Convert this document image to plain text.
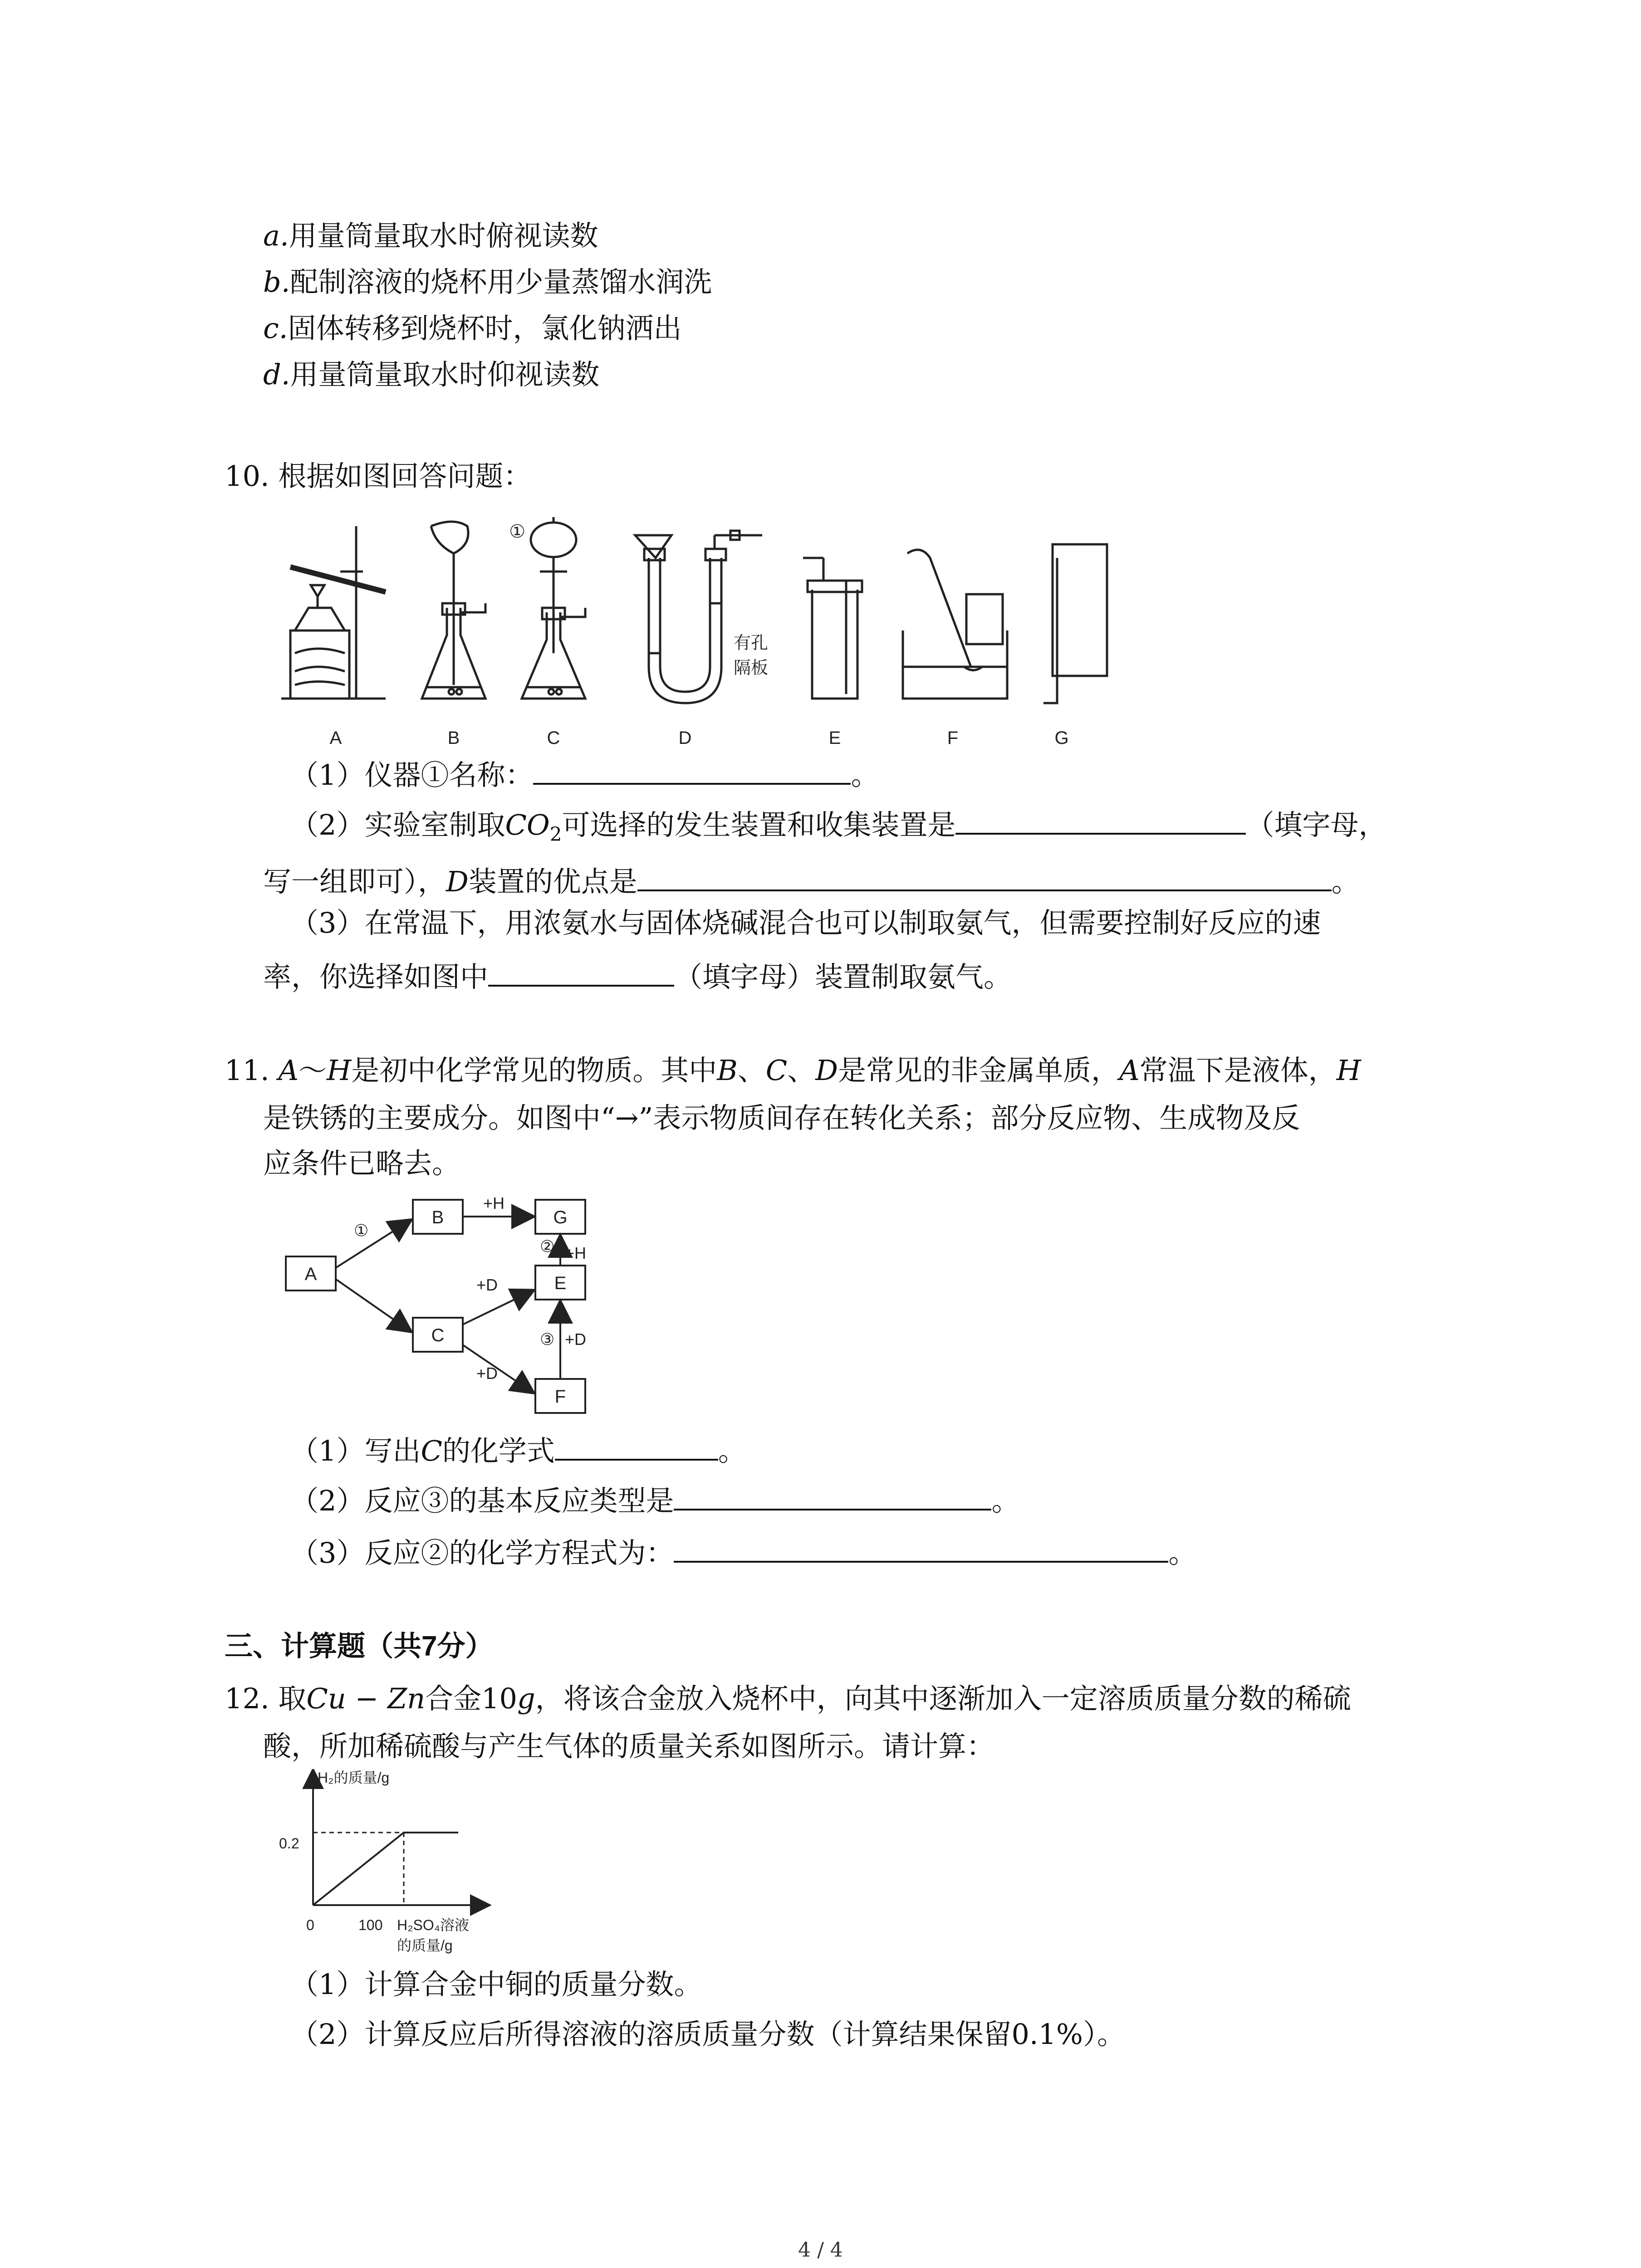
a.用量筒量取水时俯视读数
b.配制溶液的烧杯用少量蒸馏水润洗
c.固体转移到烧杯时，氯化钠洒出
d.用量筒量取水时仰视读数
10. 根据如图回答问题：
A	B	C	D	E	F	G
①
有孔
隔板
（1）仪器①名称：	。
（2）实验室制取$CO_2$可选择的发生装置和收集装置是	（填字母，
写一组即可），D装置的优点是	。
（3）在常温下，用浓氨水与固体烧碱混合也可以制取氨气，但需要控制好反应的速
率，你选择如图中	（填字母）装置制取氨气。
11. A～H是初中化学常见的物质。其中B、C、D是常见的非金属单质，A常温下是液体，H
是铁锈的主要成分。如图中“→”表示物质间存在转化关系；部分反应物、生成物及反
应条件已略去。
A
B	G
E
C
F
①
+H
② +H
+D
③ +D
+D
（1）写出C的化学式	。
（2）反应③的基本反应类型是	。
（3）反应②的化学方程式为：	。
三、计算题（共7分）
12. 取Cu − Zn合金10g，将该合金放入烧杯中，向其中逐渐加入一定溶质质量分数的稀硫
酸，所加稀硫酸与产生气体的质量关系如图所示。请计算：
H₂的质量/g
0.2
0	100 H₂SO₄溶液
的质量/g
（1）计算合金中铜的质量分数。
（2）计算反应后所得溶液的溶质质量分数（计算结果保留0.1%）。
4 / 4
